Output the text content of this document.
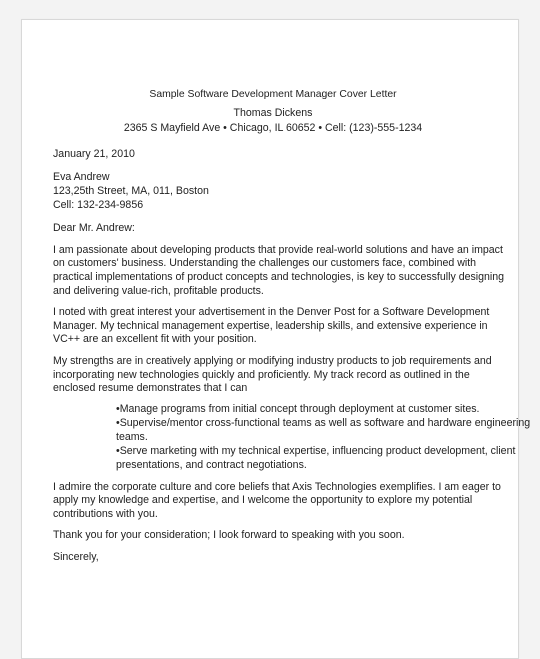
Sample Software Development Manager Cover Letter
Thomas Dickens
2365 S Mayfield Ave • Chicago, IL 60652 • Cell: (123)-555-1234
January 21, 2010
Eva Andrew
123,25th Street, MA, 011, Boston
Cell: 132-234-9856
Dear Mr. Andrew:
I am passionate about developing products that provide real-world solutions and have an impact
on customers' business. Understanding the challenges our customers face, combined with
practical implementations of product concepts and technologies, is key to successfully designing
and delivering value-rich, profitable products.
I noted with great interest your advertisement in the Denver Post for a Software Development
Manager. My technical management expertise, leadership skills, and extensive experience in
VC++ are an excellent fit with your position.
My strengths are in creatively applying or modifying industry products to job requirements and
incorporating new technologies quickly and proficiently. My track record as outlined in the
enclosed resume demonstrates that I can
•Manage programs from initial concept through deployment at customer sites.
•Supervise/mentor cross-functional teams as well as software and hardware engineering
teams.
•Serve marketing with my technical expertise, influencing product development, client
presentations, and contract negotiations.
I admire the corporate culture and core beliefs that Axis Technologies exemplifies. I am eager to
apply my knowledge and expertise, and I welcome the opportunity to explore my potential
contributions with you.
Thank you for your consideration; I look forward to speaking with you soon.
Sincerely,
